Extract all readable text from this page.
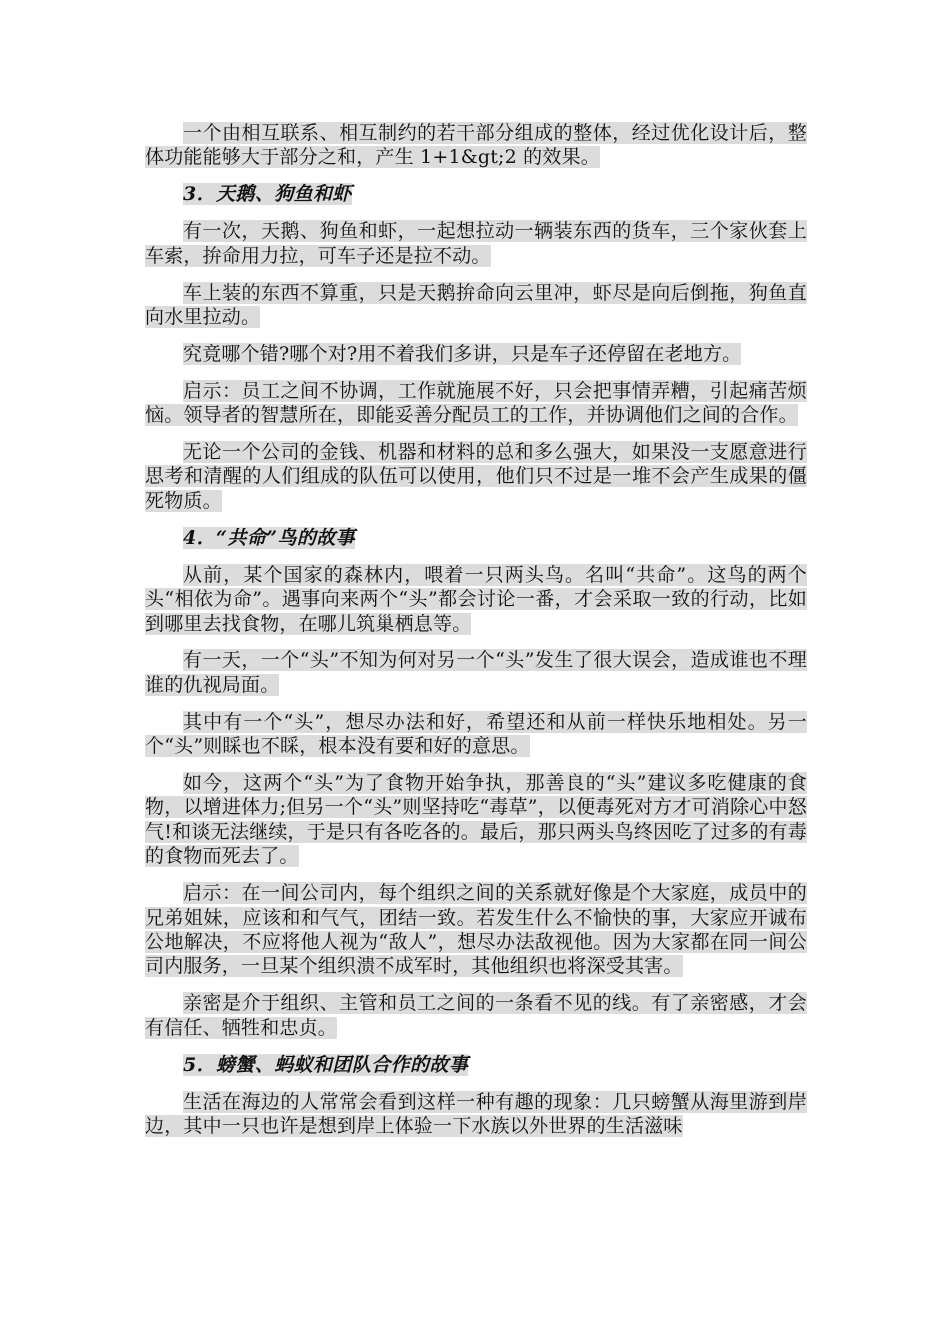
一个由相互联系、相互制约的若干部分组成的整体，经过优化设计后，整体功能能够大于部分之和，产生 1+1&gt;2 的效果。

3．天鹅、狗鱼和虾

有一次，天鹅、狗鱼和虾，一起想拉动一辆装东西的货车，三个家伙套上车索，拚命用力拉，可车子还是拉不动。

车上装的东西不算重，只是天鹅拚命向云里冲，虾尽是向后倒拖，狗鱼直向水里拉动。

究竟哪个错?哪个对?用不着我们多讲，只是车子还停留在老地方。

启示：员工之间不协调，工作就施展不好，只会把事情弄糟，引起痛苦烦恼。领导者的智慧所在，即能妥善分配员工的工作，并协调他们之间的合作。

无论一个公司的金钱、机器和材料的总和多么强大，如果没一支愿意进行思考和清醒的人们组成的队伍可以使用，他们只不过是一堆不会产生成果的僵死物质。

4．“共命”鸟的故事

从前，某个国家的森林内，喂着一只两头鸟。名叫“共命”。这鸟的两个头“相依为命”。遇事向来两个“头”都会讨论一番，才会采取一致的行动，比如到哪里去找食物，在哪儿筑巢栖息等。

有一天，一个“头”不知为何对另一个“头”发生了很大误会，造成谁也不理谁的仇视局面。

其中有一个“头”，想尽办法和好，希望还和从前一样快乐地相处。另一个“头”则睬也不睬，根本没有要和好的意思。

如今，这两个“头”为了食物开始争执，那善良的“头”建议多吃健康的食物，以增进体力;但另一个“头”则坚持吃“毒草”，以便毒死对方才可消除心中怒气!和谈无法继续，于是只有各吃各的。最后，那只两头鸟终因吃了过多的有毒的食物而死去了。

启示：在一间公司内，每个组织之间的关系就好像是个大家庭，成员中的兄弟姐妹，应该和和气气，团结一致。若发生什么不愉快的事，大家应开诚布公地解决，不应将他人视为“敌人”，想尽办法敌视他。因为大家都在同一间公司内服务，一旦某个组织溃不成军时，其他组织也将深受其害。

亲密是介于组织、主管和员工之间的一条看不见的线。有了亲密感，才会有信任、牺牲和忠贞。

5．螃蟹、蚂蚁和团队合作的故事

生活在海边的人常常会看到这样一种有趣的现象：几只螃蟹从海里游到岸边，其中一只也许是想到岸上体验一下水族以外世界的生活滋味
